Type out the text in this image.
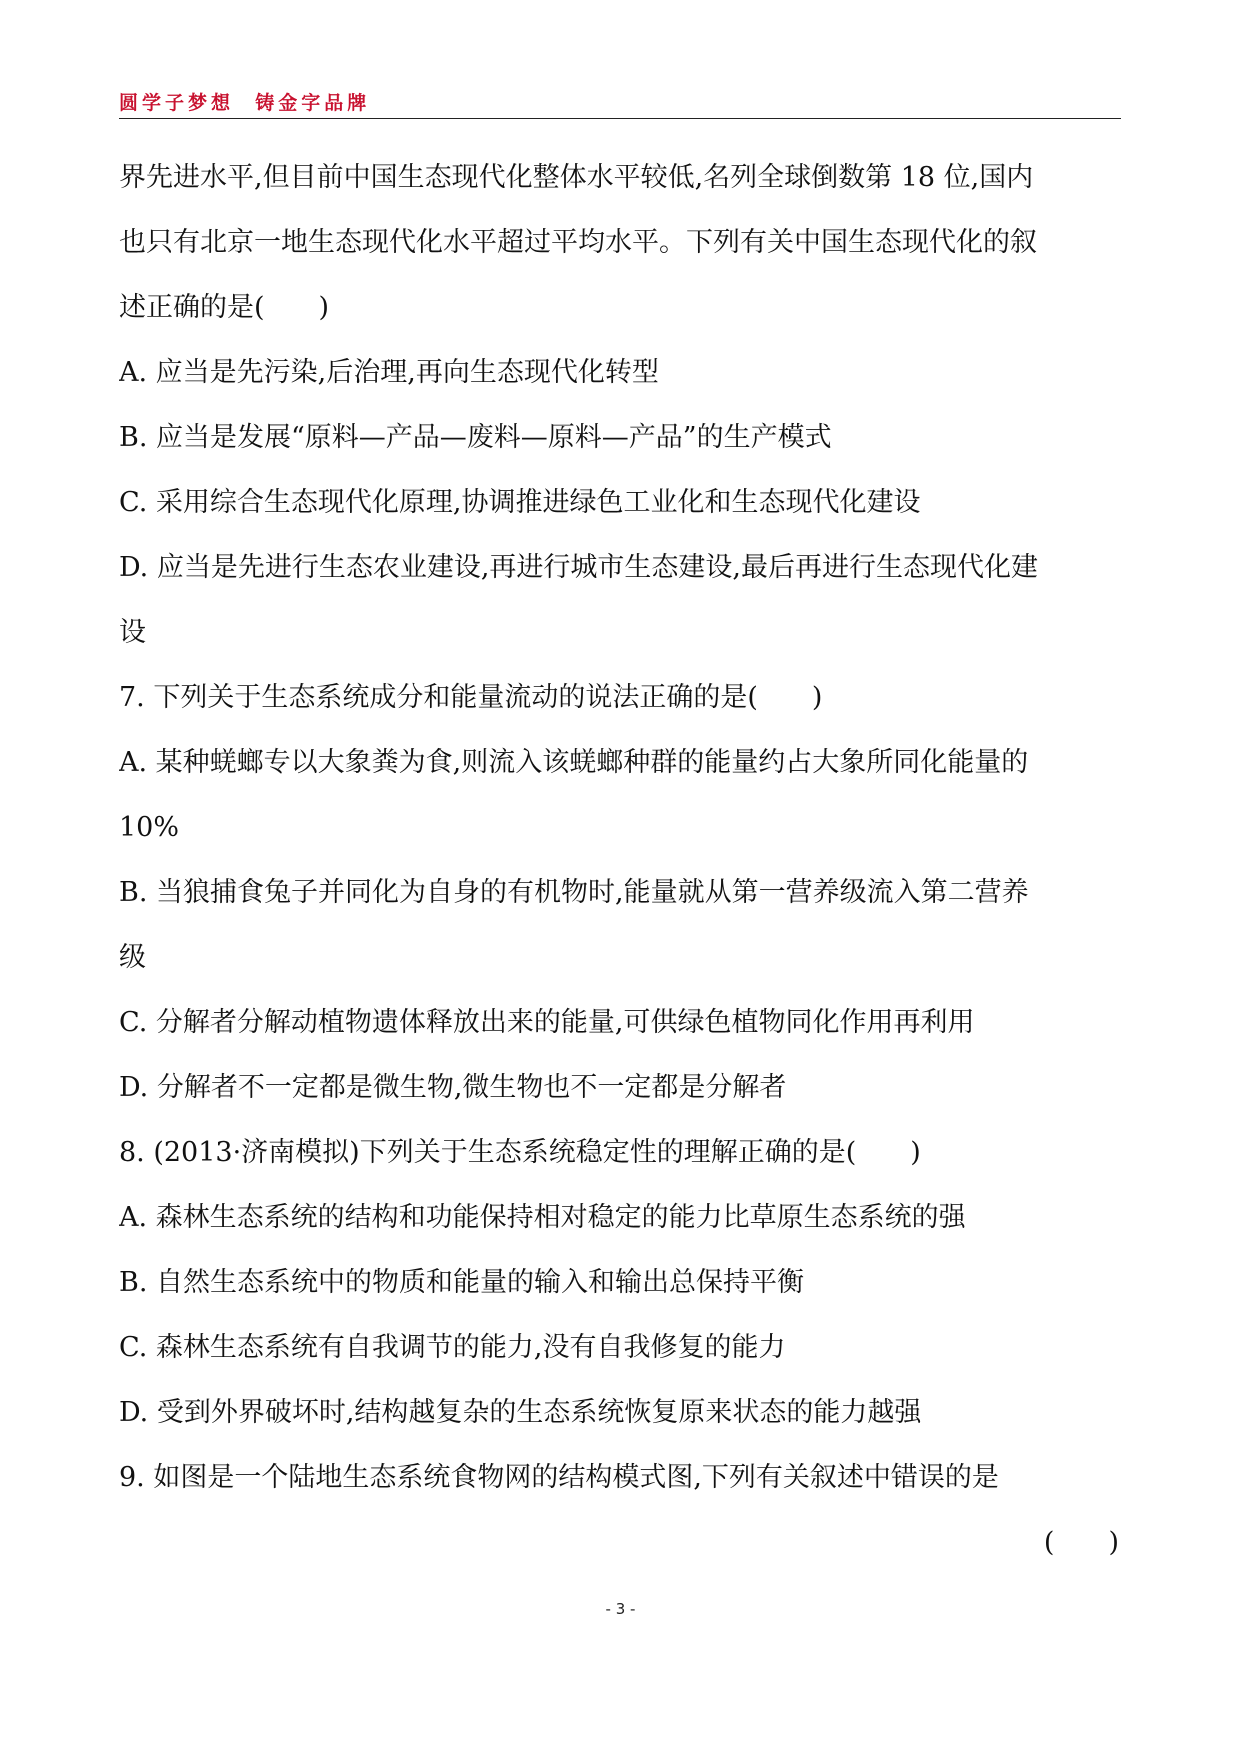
圆学子梦想  铸金字品牌
界先进水平,但目前中国生态现代化整体水平较低,名列全球倒数第 18 位,国内
也只有北京一地生态现代化水平超过平均水平。下列有关中国生态现代化的叙
述正确的是(　　)
A. 应当是先污染,后治理,再向生态现代化转型
B. 应当是发展“原料—产品—废料—原料—产品”的生产模式
C. 采用综合生态现代化原理,协调推进绿色工业化和生态现代化建设
D. 应当是先进行生态农业建设,再进行城市生态建设,最后再进行生态现代化建
设
7. 下列关于生态系统成分和能量流动的说法正确的是(　　)
A. 某种蜣螂专以大象粪为食,则流入该蜣螂种群的能量约占大象所同化能量的
10%
B. 当狼捕食兔子并同化为自身的有机物时,能量就从第一营养级流入第二营养
级
C. 分解者分解动植物遗体释放出来的能量,可供绿色植物同化作用再利用
D. 分解者不一定都是微生物,微生物也不一定都是分解者
8. (2013·济南模拟)下列关于生态系统稳定性的理解正确的是(　　)
A. 森林生态系统的结构和功能保持相对稳定的能力比草原生态系统的强
B. 自然生态系统中的物质和能量的输入和输出总保持平衡
C. 森林生态系统有自我调节的能力,没有自我修复的能力
D. 受到外界破坏时,结构越复杂的生态系统恢复原来状态的能力越强
9. 如图是一个陆地生态系统食物网的结构模式图,下列有关叙述中错误的是
(　　)
- 3 -
